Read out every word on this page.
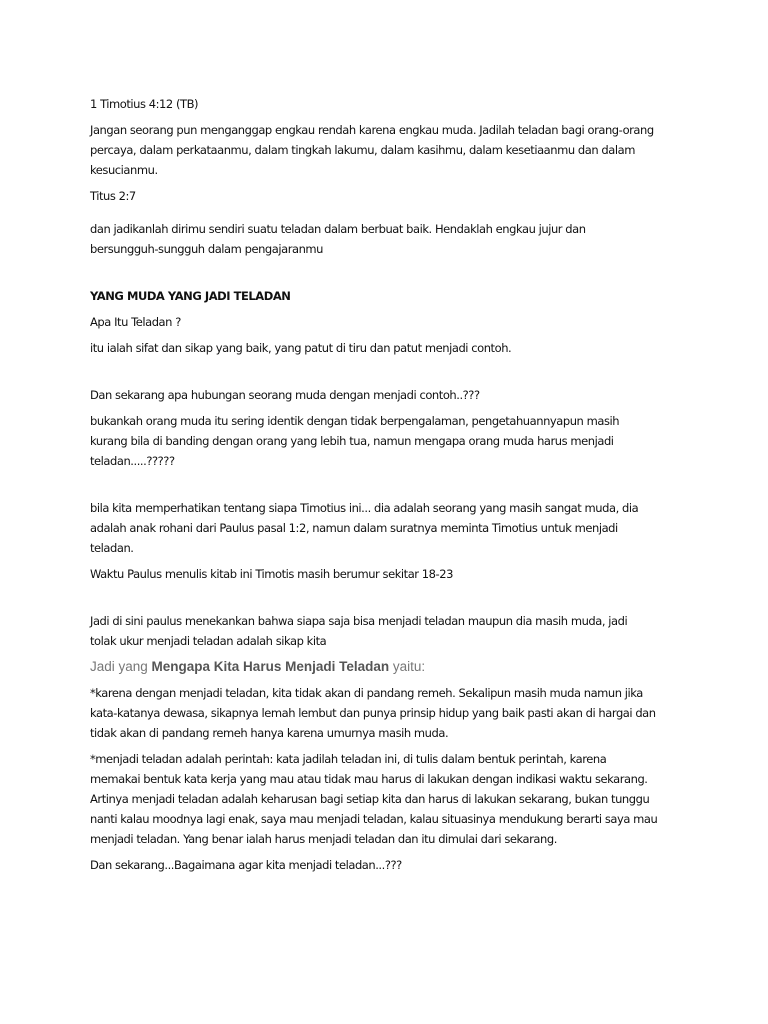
1 Timotius 4:12 (TB)

Jangan seorang pun menganggap engkau rendah karena engkau muda. Jadilah teladan bagi orang-orang

percaya, dalam perkataanmu, dalam tingkah lakumu, dalam kasihmu, dalam kesetiaanmu dan dalam

kesucianmu.

Titus 2:7

dan jadikanlah dirimu sendiri suatu teladan dalam berbuat baik. Hendaklah engkau jujur dan

bersungguh-sungguh dalam pengajaranmu

YANG MUDA YANG JADI TELADAN

Apa Itu Teladan ?

itu ialah sifat dan sikap yang baik, yang patut di tiru dan patut menjadi contoh.

Dan sekarang apa hubungan seorang muda dengan menjadi contoh..???

bukankah orang muda itu sering identik dengan tidak berpengalaman, pengetahuannyapun masih

kurang bila di banding dengan orang yang lebih tua, namun mengapa orang muda harus menjadi

teladan.....?????

bila kita memperhatikan tentang siapa Timotius ini... dia adalah seorang yang masih sangat muda, dia

adalah anak rohani dari Paulus pasal 1:2, namun dalam suratnya meminta Timotius untuk menjadi

teladan.

Waktu Paulus menulis kitab ini Timotis masih berumur sekitar 18-23

Jadi di sini paulus menekankan bahwa siapa saja bisa menjadi teladan maupun dia masih muda, jadi

tolak ukur menjadi teladan adalah sikap kita

Jadi yang Mengapa Kita Harus Menjadi Teladan yaitu:

*karena dengan menjadi teladan, kita tidak akan di pandang remeh. Sekalipun masih muda namun jika

kata-katanya dewasa, sikapnya lemah lembut dan punya prinsip hidup yang baik pasti akan di hargai dan

tidak akan di pandang remeh hanya karena umurnya masih muda.

*menjadi teladan adalah perintah: kata jadilah teladan ini, di tulis dalam bentuk perintah, karena

memakai bentuk kata kerja yang mau atau tidak mau harus di lakukan dengan indikasi waktu sekarang.

Artinya menjadi teladan adalah keharusan bagi setiap kita dan harus di lakukan sekarang, bukan tunggu

nanti kalau moodnya lagi enak, saya mau menjadi teladan, kalau situasinya mendukung berarti saya mau

menjadi teladan. Yang benar ialah harus menjadi teladan dan itu dimulai dari sekarang.

Dan sekarang...Bagaimana agar kita menjadi teladan...???
